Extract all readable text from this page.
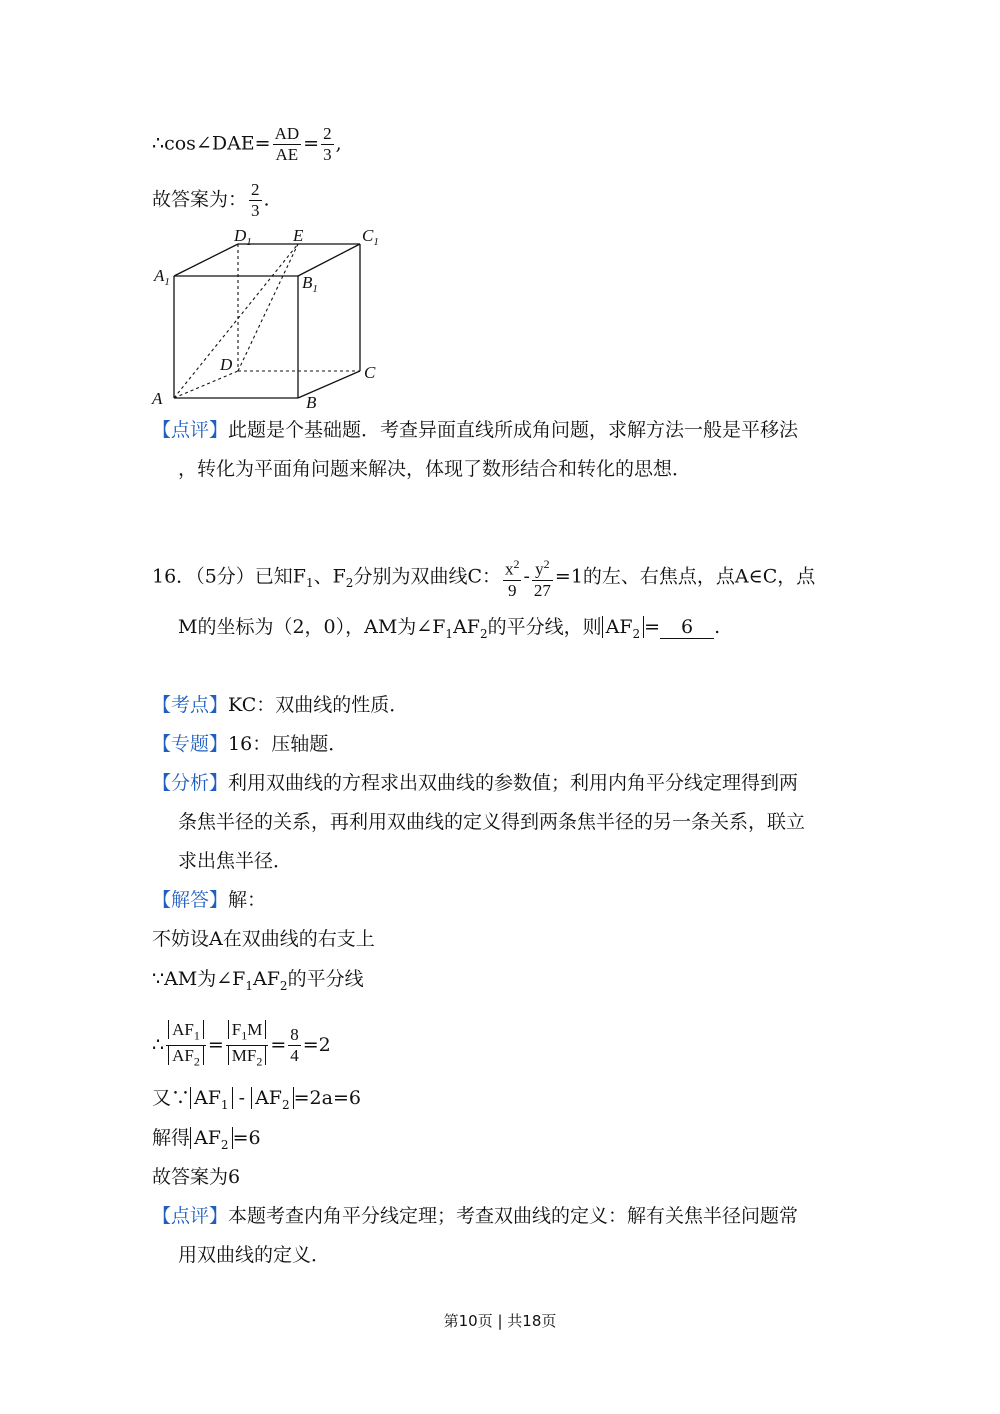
∴cos∠DAE= $\frac{AD}{AE} = \frac{2}{3}$ ,
故答案为： $\frac{2}{3}$ .
$D_1$ E	$C_1$
$A_1$	$B_1$
D	C
A	B
【点评】此题是个基础题．考查异面直线所成角问题，求解方法一般是平移法
，转化为平面角问题来解决，体现了数形结合和转化的思想．
16．（5分）已知$F_1$、$F_2$分别为双曲线C： $\frac{x^2}{9} - \frac{y^2}{27} =1$的左、右焦点，点A∈C，点
M的坐标为（2，0），AM为$\angle F_1AF_2$的平分线，则 $AF_2 = 6$ .
【考点】KC：双曲线的性质．
【专题】16：压轴题．
【分析】利用双曲线的方程求出双曲线的参数值；利用内角平分线定理得到两
条焦半径的关系，再利用双曲线的定义得到两条焦半径的另一条关系，联立
求出焦半径．
【解答】解：
不妨设A在双曲线的右支上
∵AM为$\angle F_1AF_2$的平分线
∴ $\frac{AF_1}{AF_2} = \frac{F_1M}{MF_2} = \frac{8}{4} =2$
又∵ $AF_1 - AF_2 =2a=6$
解得 $AF_2 =6$
故答案为6
【点评】本题考查内角平分线定理；考查双曲线的定义：解有关焦半径问题常
用双曲线的定义．
第10页 | 共18页
